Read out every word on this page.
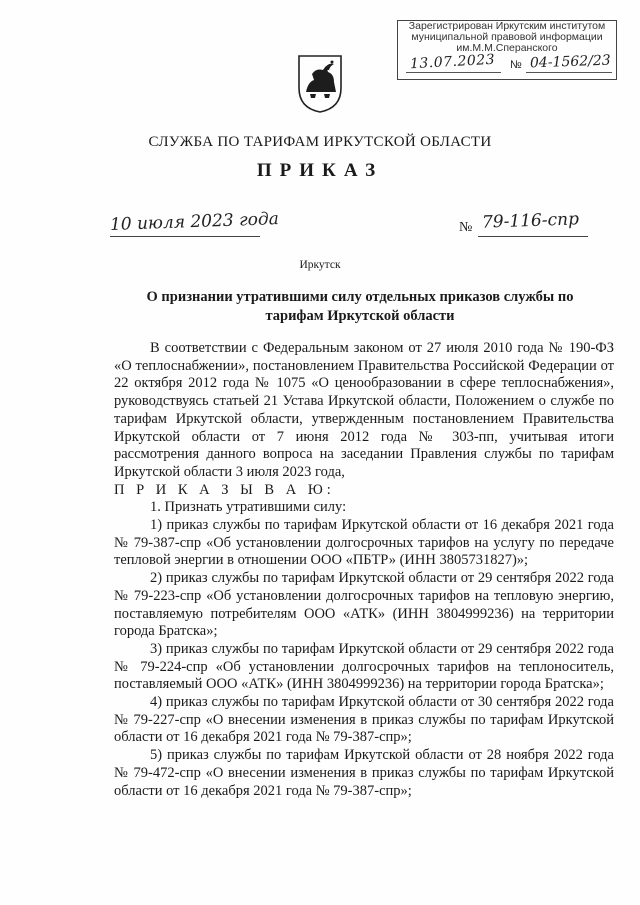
Зарегистрирован Иркутским институтом
муниципальной правовой информации
им.М.М.Сперанского
13.07.2023 № 04-1562/23
СЛУЖБА ПО ТАРИФАМ ИРКУТСКОЙ ОБЛАСТИ
ПРИКАЗ
10 июля 2023 года	№ 79-116-спр
Иркутск
О признании утратившими силу отдельных приказов службы по тарифам Иркутской области

В соответствии с Федеральным законом от 27 июля 2010 года № 190-ФЗ «О теплоснабжении», постановлением Правительства Российской Федерации от 22 октября 2012 года № 1075 «О ценообразовании в сфере теплоснабжения», руководствуясь статьей 21 Устава Иркутской области, Положением о службе по тарифам Иркутской области, утвержденным постановлением Правительства Иркутской области от 7 июня 2012 года № 303-пп, учитывая итоги рассмотрения данного вопроса на заседании Правления службы по тарифам Иркутской области 3 июля 2023 года,

П Р И К А З Ы В А Ю:

1. Признать утратившими силу:

1) приказ службы по тарифам Иркутской области от 16 декабря 2021 года № 79-387-спр «Об установлении долгосрочных тарифов на услугу по передаче тепловой энергии в отношении ООО «ПБТР» (ИНН 3805731827)»;

2) приказ службы по тарифам Иркутской области от 29 сентября 2022 года № 79-223-спр «Об установлении долгосрочных тарифов на тепловую энергию, поставляемую потребителям ООО «АТК» (ИНН 3804999236) на территории города Братска»;

3) приказ службы по тарифам Иркутской области от 29 сентября 2022 года № 79-224-спр «Об установлении долгосрочных тарифов на теплоноситель, поставляемый ООО «АТК» (ИНН 3804999236) на территории города Братска»;

4) приказ службы по тарифам Иркутской области от 30 сентября 2022 года № 79-227-спр «О внесении изменения в приказ службы по тарифам Иркутской области от 16 декабря 2021 года № 79-387-спр»;

5) приказ службы по тарифам Иркутской области от 28 ноября 2022 года № 79-472-спр «О внесении изменения в приказ службы по тарифам Иркутской области от 16 декабря 2021 года № 79-387-спр»;
